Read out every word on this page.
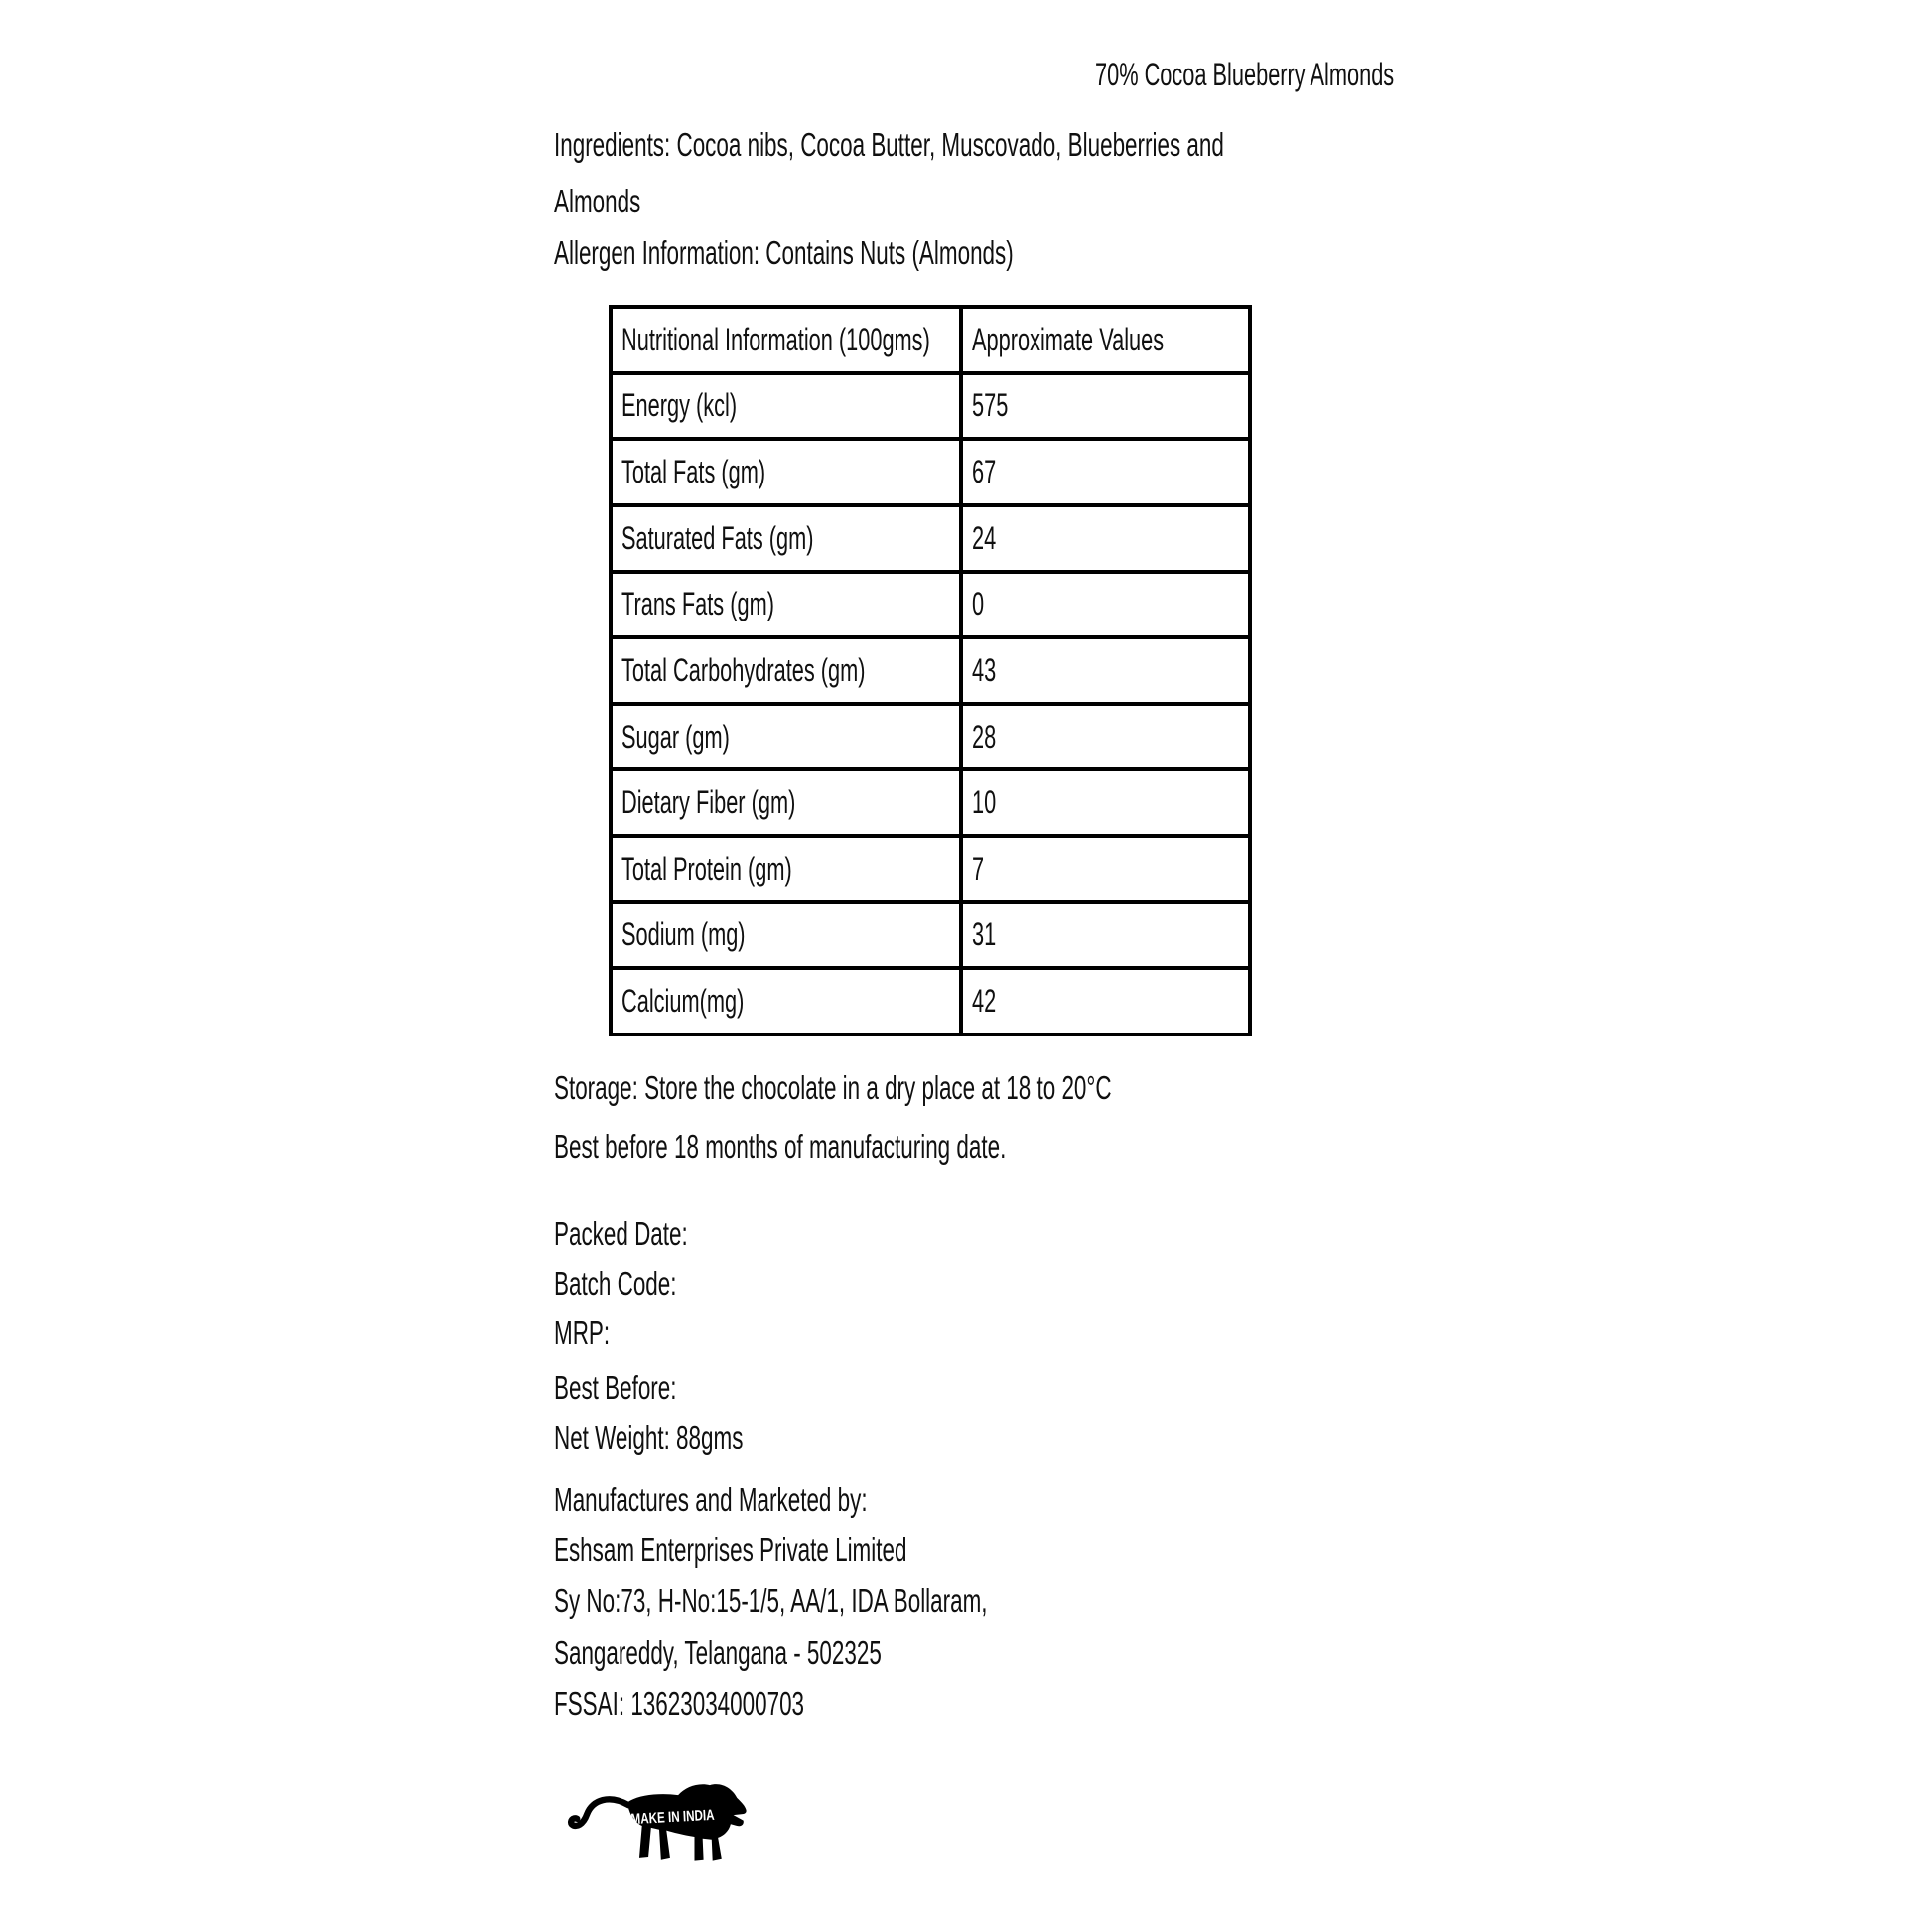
70% Cocoa Blueberry Almonds
Ingredients: Cocoa nibs, Cocoa Butter, Muscovado, Blueberries and
Almonds
Allergen Information: Contains Nuts (Almonds)
Nutritional Information (100gms)	Approximate Values
Energy (kcl)	575
Total Fats (gm)	67
Saturated Fats (gm)	24
Trans Fats (gm)	0
Total Carbohydrates (gm)	43
Sugar (gm)	28
Dietary Fiber (gm)	10
Total Protein (gm)	7
Sodium (mg)	31
Calcium(mg)	42
Storage: Store the chocolate in a dry place at 18 to 20°C
Best before 18 months of manufacturing date.
Packed Date:
Batch Code:
MRP:
Best Before:
Net Weight: 88gms
Manufactures and Marketed by:
Eshsam Enterprises Private Limited
Sy No:73, H-No:15-1/5, AA/1, IDA Bollaram,
Sangareddy, Telangana - 502325
FSSAI: 13623034000703
MAKE IN INDIA
